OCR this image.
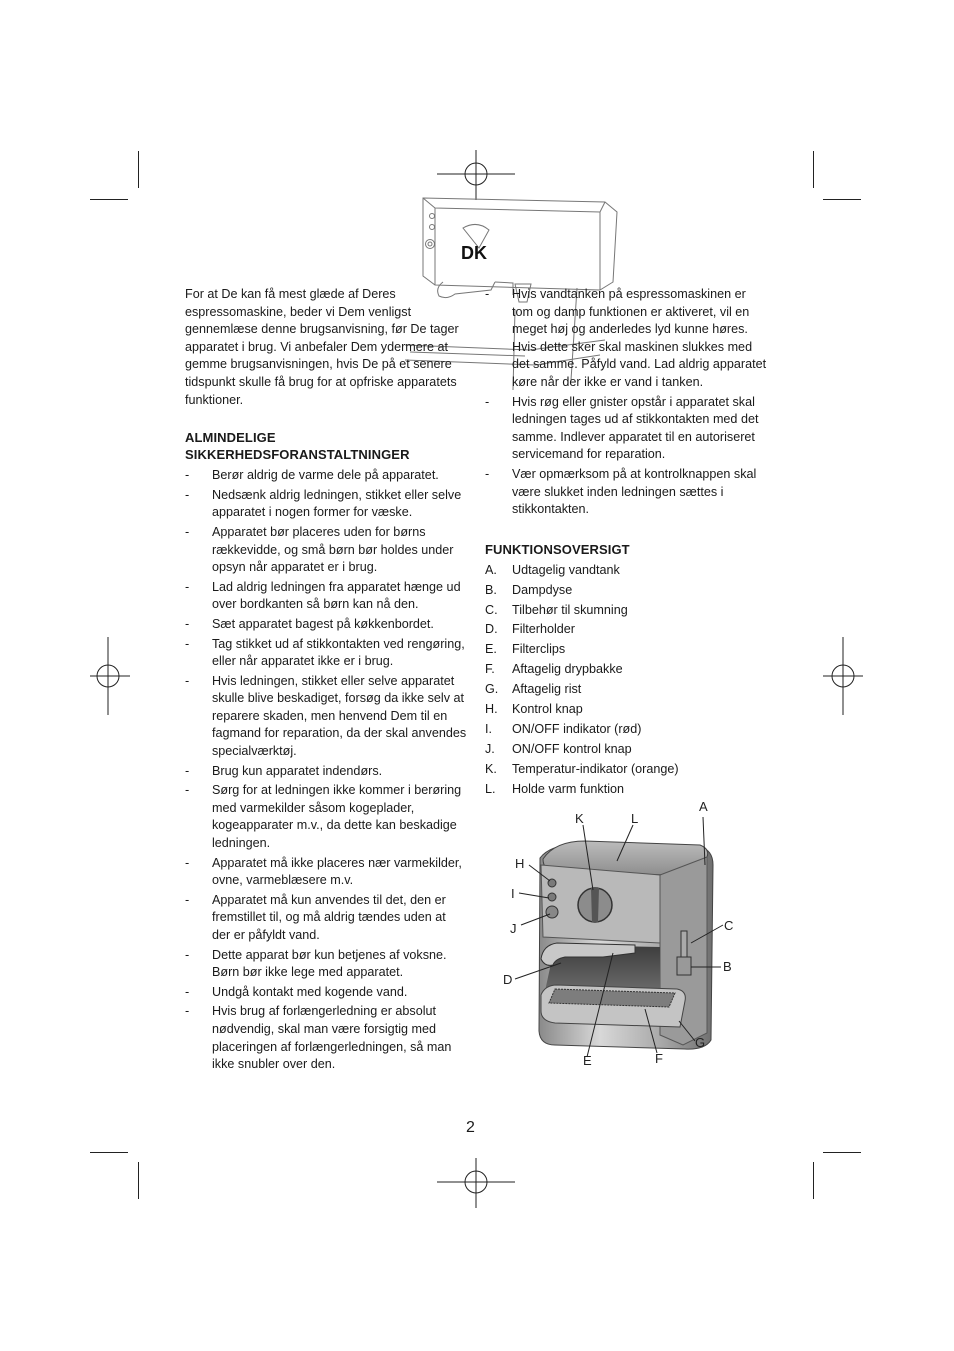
DK

For at De kan få mest glæde af Deres espressomaskine, beder vi Dem venligst gennemlæse denne brugsanvisning, før De tager apparatet i brug. Vi anbefaler Dem ydermere at gemme brugsanvisningen, hvis De på et senere tidspunkt skulle få brug for at opfriske apparatets funktioner.

ALMINDELIGE
SIKKERHEDSFORANSTALTNINGER
- Berør aldrig de varme dele på apparatet.
- Nedsænk aldrig ledningen, stikket eller selve apparatet i nogen former for væske.
- Apparatet bør placeres uden for børns rækkevidde, og små børn bør holdes under opsyn når apparatet er i brug.
- Lad aldrig ledningen fra apparatet hænge ud over bordkanten så børn kan nå den.
- Sæt apparatet bagest på køkkenbordet.
- Tag stikket ud af stikkontakten ved rengøring, eller når apparatet ikke er i brug.
- Hvis ledningen, stikket eller selve apparatet skulle blive beskadiget, forsøg da ikke selv at reparere skaden, men henvend Dem til en fagmand for reparation, da der skal anvendes specialværktøj.
- Brug kun apparatet indendørs.
- Sørg for at ledningen ikke kommer i berøring med varmekilder såsom kogeplader, kogeapparater m.v., da dette kan beskadige ledningen.
- Apparatet må ikke placeres nær varmekilder, ovne, varmeblæsere m.v.
- Apparatet må kun anvendes til det, den er fremstillet til, og må aldrig tændes uden at der er påfyldt vand.
- Dette apparat bør kun betjenes af voksne. Børn bør ikke lege med apparatet.
- Undgå kontakt med kogende vand.
- Hvis brug af forlængerledning er absolut nødvendig, skal man være forsigtig med placeringen af forlængerledningen, så man ikke snubler over den.
- Hvis vandtanken på espressomaskinen er tom og damp funktionen er aktiveret, vil en meget høj og anderledes lyd kunne høres. Hvis dette sker skal maskinen slukkes med det samme. Påfyld vand. Lad aldrig apparatet køre når der ikke er vand i tanken.
- Hvis røg eller gnister opstår i apparatet skal ledningen tages ud af stikkontakten med det samme. Indlever apparatet til en autoriseret servicemand for reparation.
- Vær opmærksom på at kontrolknappen skal være slukket inden ledningen sættes i stikkontakten.
FUNKTIONSOVERSIGT
A. Udtagelig vandtank
B. Dampdyse
C. Tilbehør til skumning
D. Filterholder
E. Filterclips
F. Aftagelig drypbakke
G. Aftagelig rist
H. Kontrol knap
I. ON/OFF indikator (rød)
J. ON/OFF kontrol knap
K. Temperatur-indikator (orange)
L. Holde varm funktion
A
K	L
H
I
J	C
B
D
E	F
G
2
